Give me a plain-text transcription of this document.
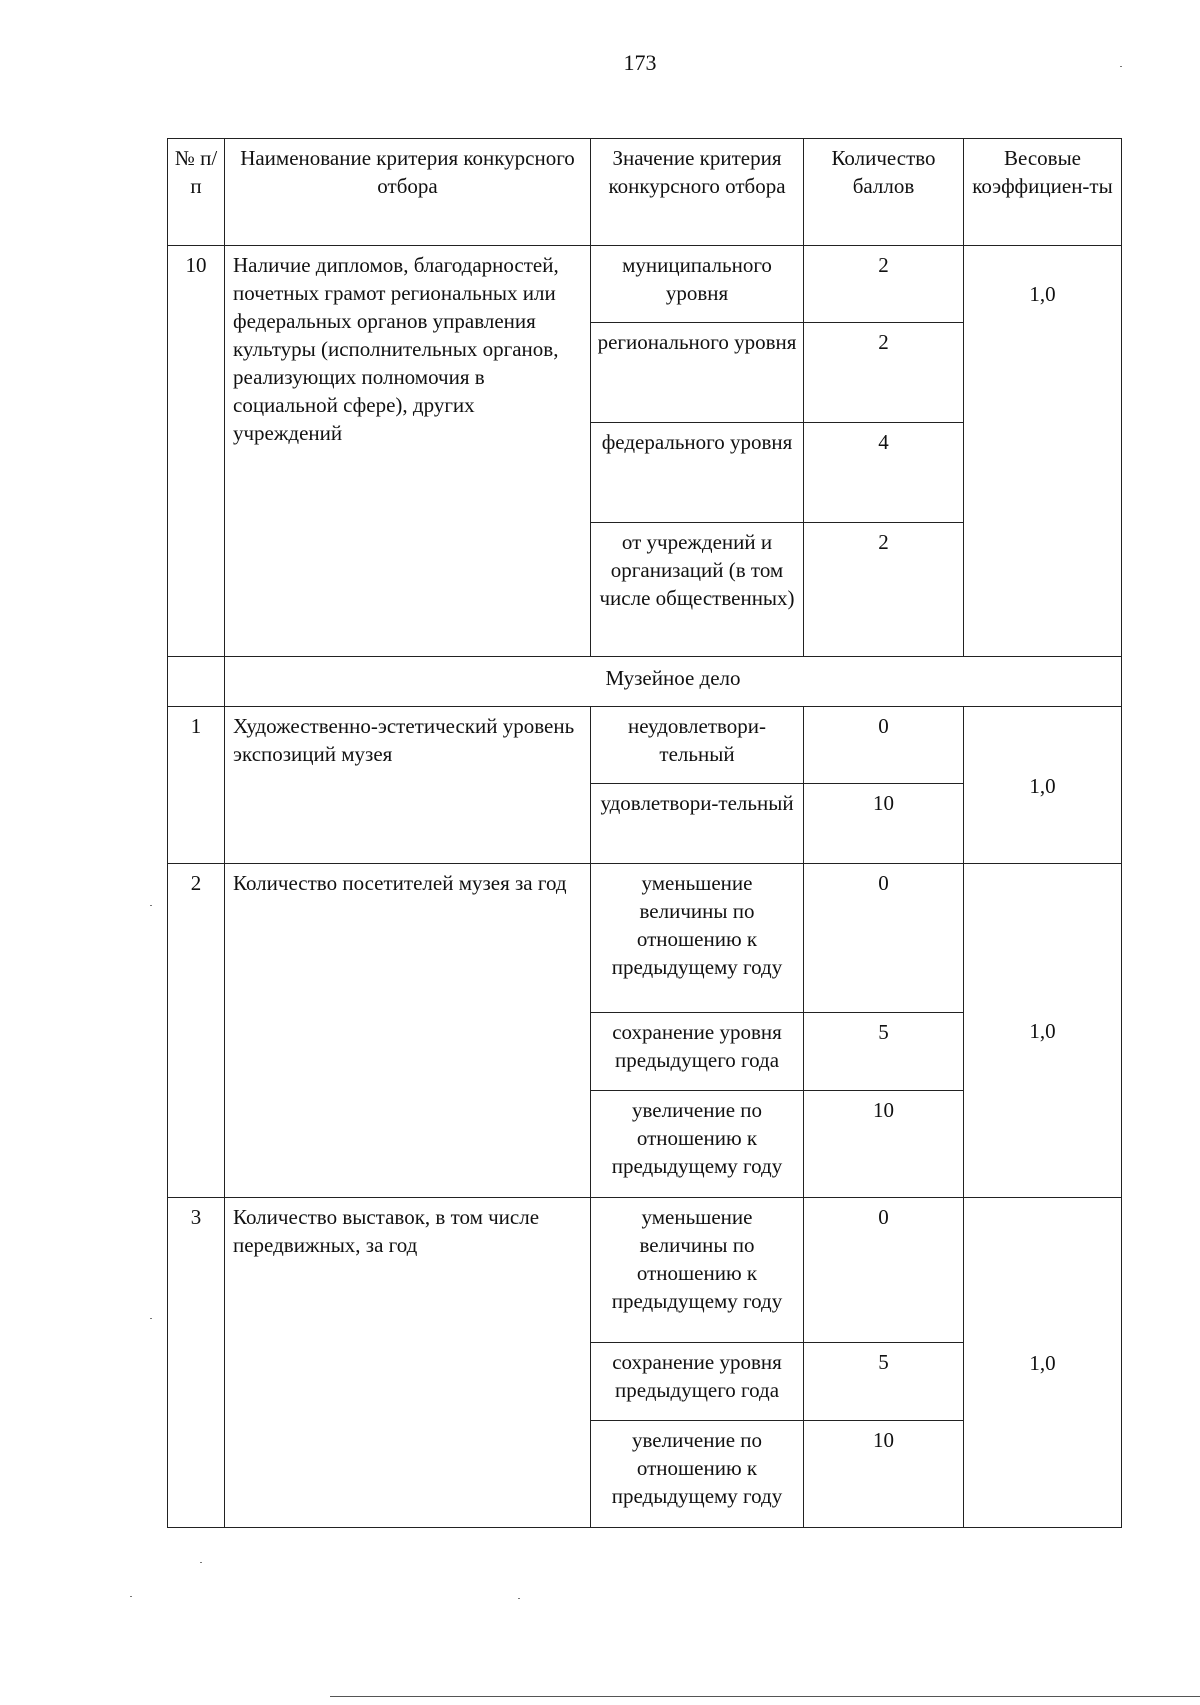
173
№ п/п	Наименование критерия конкурсного отбора	Значение критерия конкурсного отбора	Количество баллов	Весовые коэффициен-ты
10	Наличие дипломов, благодарностей, почетных грамот региональных или федеральных органов управления культуры (исполнительных органов, реализующих полномочия в социальной сфере), других учреждений	муниципального уровня	2	1,0
		регионального уровня	2	
		федерального уровня	4	
		от учреждений и организаций (в том числе общественных)	2	
	Музейное дело			
1	Художественно-эстетический уровень экспозиций музея	неудовлетвори-тельный	0	1,0
		удовлетвори-тельный	10	
2	Количество посетителей музея за год	уменьшение величины по отношению к предыдущему году	0	1,0
		сохранение уровня предыдущего года	5	
		увеличение по отношению к предыдущему году	10	
3	Количество выставок, в том числе передвижных, за год	уменьшение величины по отношению к предыдущему году	0	1,0
		сохранение уровня предыдущего года	5	
		увеличение по отношению к предыдущему году	10	
